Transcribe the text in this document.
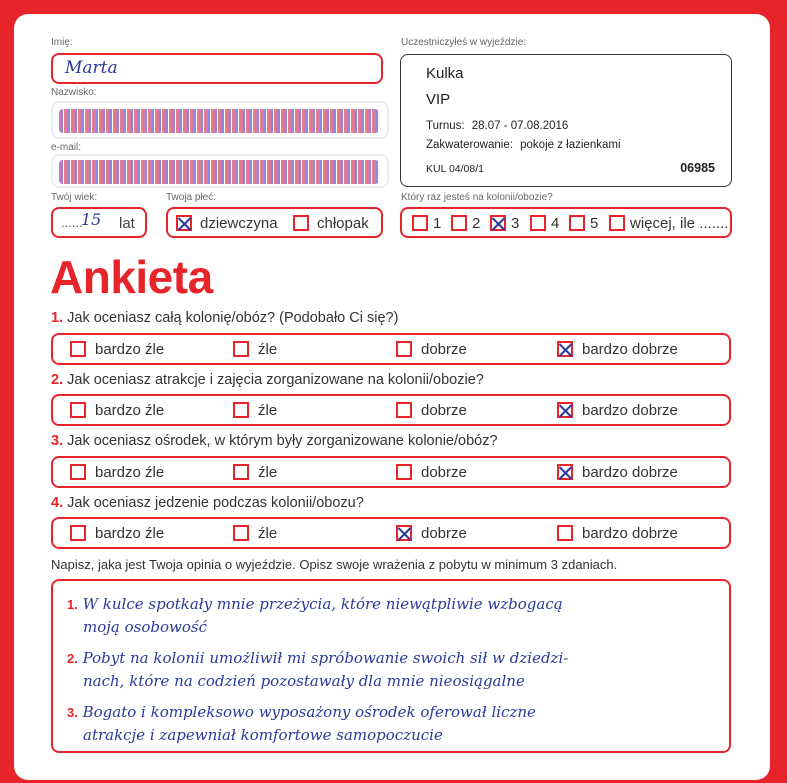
Imię:
Marta
Nazwisko:
e-mail:
Twój wiek:
......
15 lat
Twoja płeć:
dziewczyna	chłopak
Uczestniczyłeś w wyjeździe:
Kulka
VIP
Turnus: 28.07 - 07.08.2016
Zakwaterowanie: pokoje z łazienkami
KUL 04/08/1	06985
Który raz jesteś na kolonii/obozie?
1 2 3 4 5 więcej, ile .......
Ankieta
1. Jak oceniasz całą kolonię/obóz? (Podobało Ci się?)
bardzo źle	źle	dobrze	bardzo dobrze
2. Jak oceniasz atrakcje i zajęcia zorganizowane na kolonii/obozie?
bardzo źle	źle	dobrze	bardzo dobrze
3. Jak oceniasz ośrodek, w którym były zorganizowane kolonie/obóz?
bardzo źle	źle	dobrze	bardzo dobrze
4. Jak oceniasz jedzenie podczas kolonii/obozu?
bardzo źle	źle	dobrze	bardzo dobrze
Napisz, jaka jest Twoja opinia o wyjeździe. Opisz swoje wrażenia z pobytu w minimum 3 zdaniach.
1. W kulce spotkały mnie przeżycia, które niewątpliwie wzbogacą
moją osobowość
2. Pobyt na kolonii umożliwił mi spróbowanie swoich sił w dziedzi-
nach, które na codzień pozostawały dla mnie nieosiągalne
3. Bogato i kompleksowo wyposażony ośrodek oferował liczne
atrakcje i zapewniał komfortowe samopoczucie
